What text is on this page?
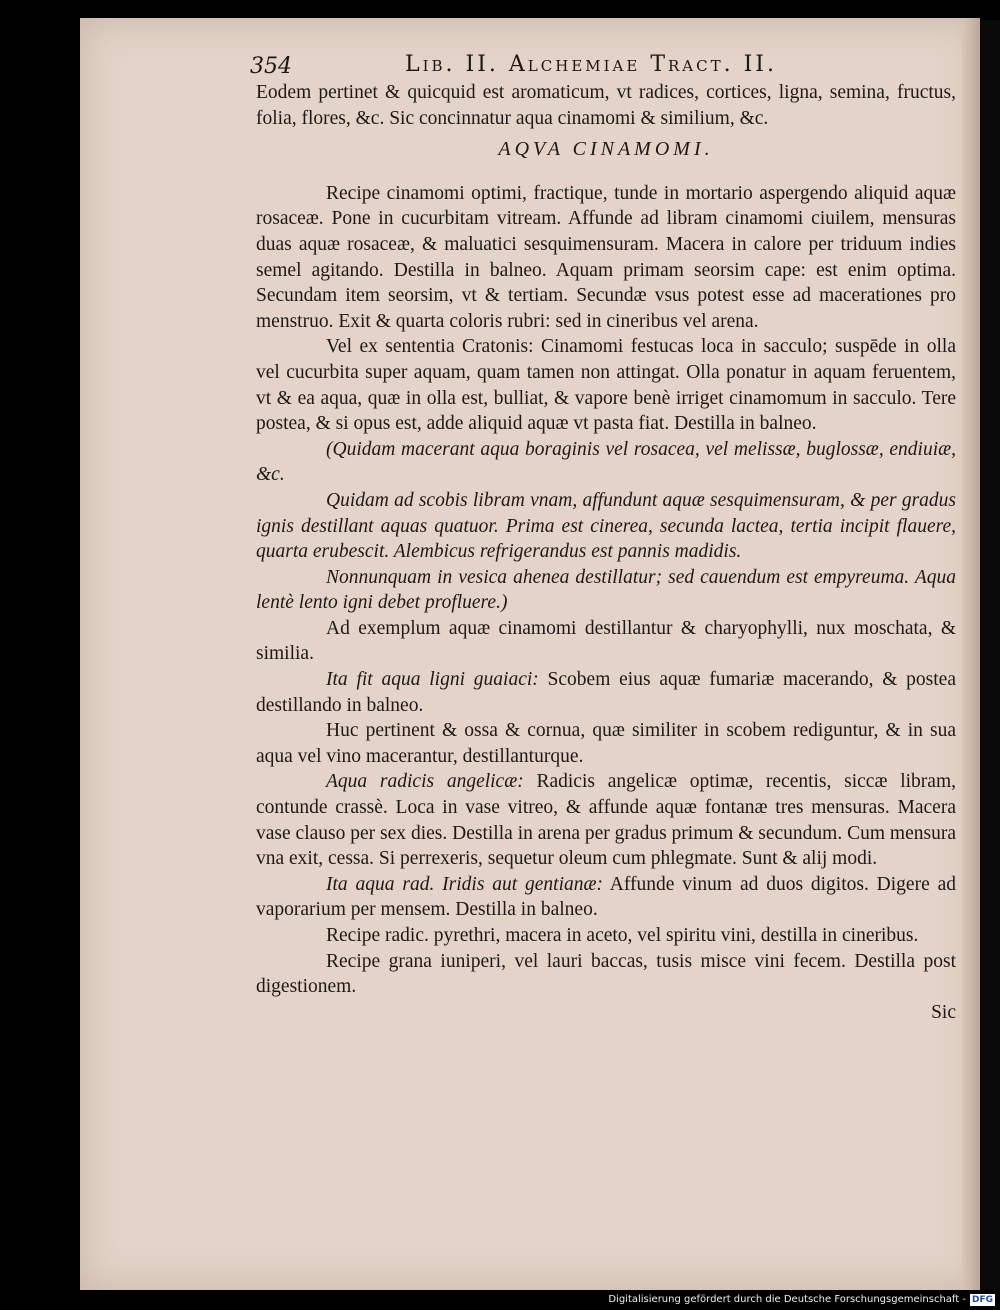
354	Lib. II. Alchemiae Tract. II.

Eodem pertinet & quicquid est aromaticum, vt radices, cortices, ligna, semina, fructus, folia, flores, &c. Sic concinnatur aqua cinamomi & similium, &c.

AQVA CINAMOMI.

Recipe cinamomi optimi, fractique, tunde in mortario aspergendo aliquid aquæ rosaceæ. Pone in cucurbitam vitream. Affunde ad libram cinamomi ciuilem, mensuras duas aquæ rosaceæ, & maluatici sesquimensuram. Macera in calore per triduum indies semel agitando. Destilla in balneo. Aquam primam seorsim cape: est enim optima. Secundam item seorsim, vt & tertiam. Secundæ vsus potest esse ad macerationes pro menstruo. Exit & quarta coloris rubri: sed in cineribus vel arena.

Vel ex sententia Cratonis: Cinamomi festucas loca in sacculo; suspēde in olla vel cucurbita super aquam, quam tamen non attingat. Olla ponatur in aquam feruentem, vt & ea aqua, quæ in olla est, bulliat, & vapore benè irriget cinamomum in sacculo. Tere postea, & si opus est, adde aliquid aquæ vt pasta fiat. Destilla in balneo.

(Quidam macerant aqua boraginis vel rosacea, vel melissæ, buglossæ, endiuiæ, &c.

Quidam ad scobis libram vnam, affundunt aquæ sesquimensuram, & per gradus ignis destillant aquas quatuor. Prima est cinerea, secunda lactea, tertia incipit flauere, quarta erubescit. Alembicus refrigerandus est pannis madidis.

Nonnunquam in vesica ahenea destillatur; sed cauendum est empyreuma. Aqua lentè lento igni debet profluere.)

Ad exemplum aquæ cinamomi destillantur & charyophylli, nux moschata, & similia.

Ita fit aqua ligni guaiaci: Scobem eius aquæ fumariæ macerando, & postea destillando in balneo.

Huc pertinent & ossa & cornua, quæ similiter in scobem rediguntur, & in sua aqua vel vino macerantur, destillanturque.

Aqua radicis angelicæ: Radicis angelicæ optimæ, recentis, siccæ libram, contunde crassè. Loca in vase vitreo, & affunde aquæ fontanæ tres mensuras. Macera vase clauso per sex dies. Destilla in arena per gradus primum & secundum. Cum mensura vna exit, cessa. Si perrexeris, sequetur oleum cum phlegmate. Sunt & alij modi.

Ita aqua rad. Iridis aut gentianæ: Affunde vinum ad duos digitos. Digere ad vaporarium per mensem. Destilla in balneo.

Recipe radic. pyrethri, macera in aceto, vel spiritu vini, destilla in cineribus.

Recipe grana iuniperi, vel lauri baccas, tusis misce vini fecem. Destilla post digestionem.

Sic

Digitalisierung gefördert durch die Deutsche Forschungsgemeinschaft - DFG
